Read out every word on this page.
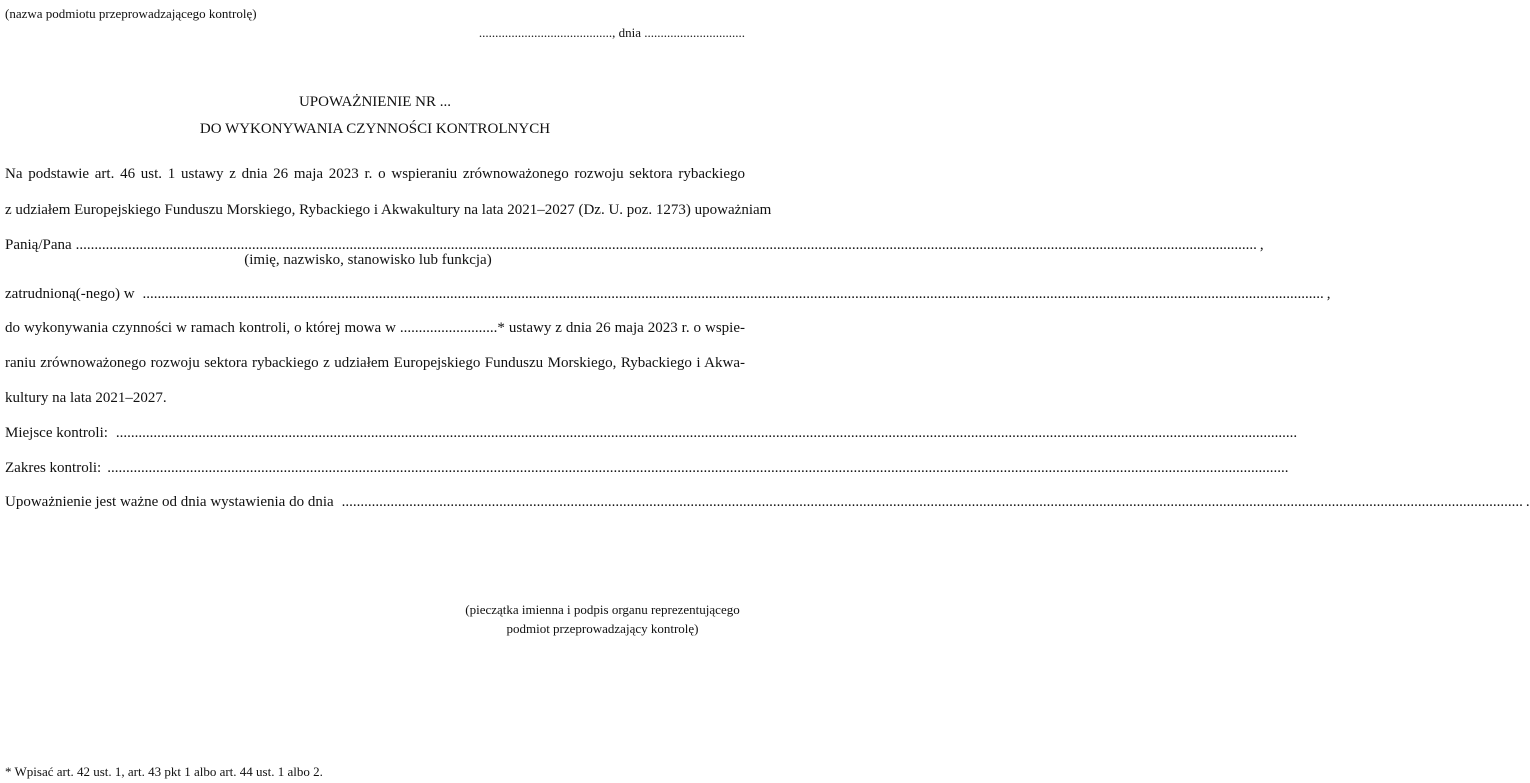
(nazwa podmiotu przeprowadzającego kontrolę)
........................................., dnia ...............................
UPOWAŻNIENIE NR ...
DO WYKONYWANIA CZYNNOŚCI KONTROLNYCH
Na podstawie art. 46 ust. 1 ustawy z dnia 26 maja 2023 r. o wspieraniu zrównoważonego rozwoju sektora rybackiego
z udziałem Europejskiego Funduszu Morskiego, Rybackiego i Akwakultury na lata 2021–2027 (Dz. U. poz. 1273) upoważniam
Panią/Pana ........................................................................................................................................................................................................................................................................................................................... ,
(imię, nazwisko, stanowisko lub funkcja)
zatrudnioną(-nego) w ........................................................................................................................................................................................................................................................................................................................... ,
do wykonywania czynności w ramach kontroli, o której mowa w ..........................* ustawy z dnia 26 maja 2023 r. o wspie-
raniu zrównoważonego rozwoju sektora rybackiego z udziałem Europejskiego Funduszu Morskiego, Rybackiego i Akwa-
kultury na lata 2021–2027.
Miejsce kontroli: ...........................................................................................................................................................................................................................................................................................................................
Zakres kontroli: ...........................................................................................................................................................................................................................................................................................................................
Upoważnienie jest ważne od dnia wystawienia do dnia ........................................................................................................................................................................................................................................................................................................................... .
(pieczątka imienna i podpis organu reprezentującego
podmiot przeprowadzający kontrolę)
* Wpisać art. 42 ust. 1, art. 43 pkt 1 albo art. 44 ust. 1 albo 2.
